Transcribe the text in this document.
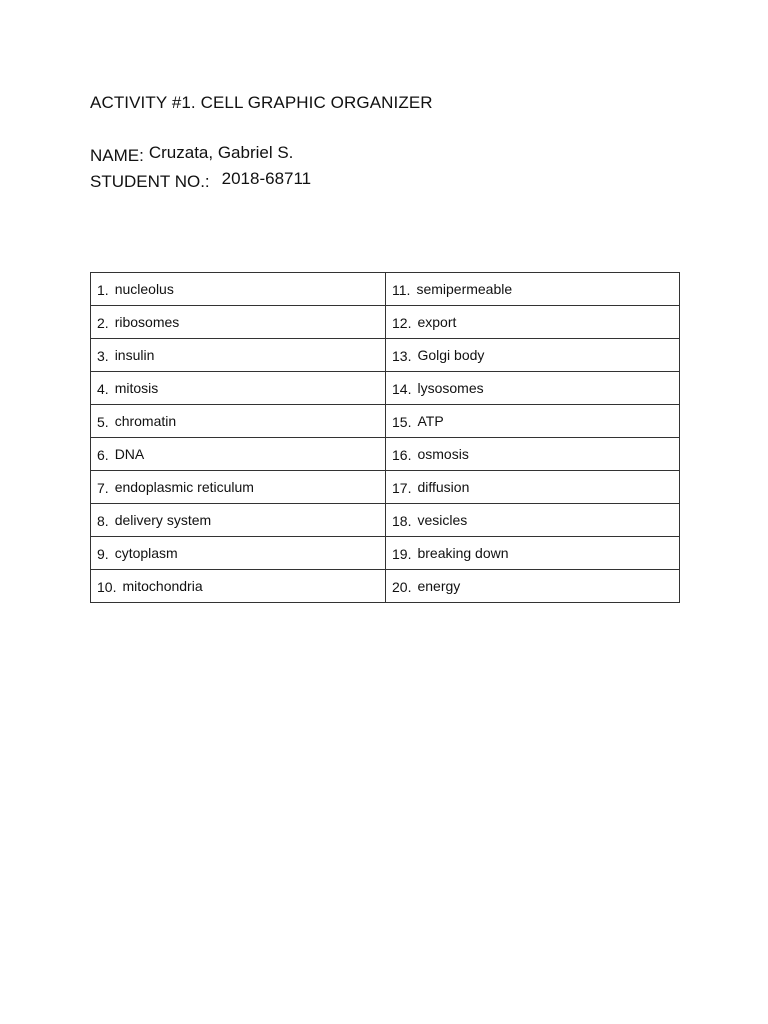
ACTIVITY #1. CELL GRAPHIC ORGANIZER
NAME: Cruzata, Gabriel S.
STUDENT NO.: 2018-68711
1. nucleolus	11. semipermeable
2. ribosomes	12. export
3. insulin	13. Golgi body
4. mitosis	14. lysosomes
5. chromatin	15. ATP
6. DNA	16. osmosis
7. endoplasmic reticulum	17. diffusion
8. delivery system	18. vesicles
9. cytoplasm	19. breaking down
10. mitochondria	20. energy
